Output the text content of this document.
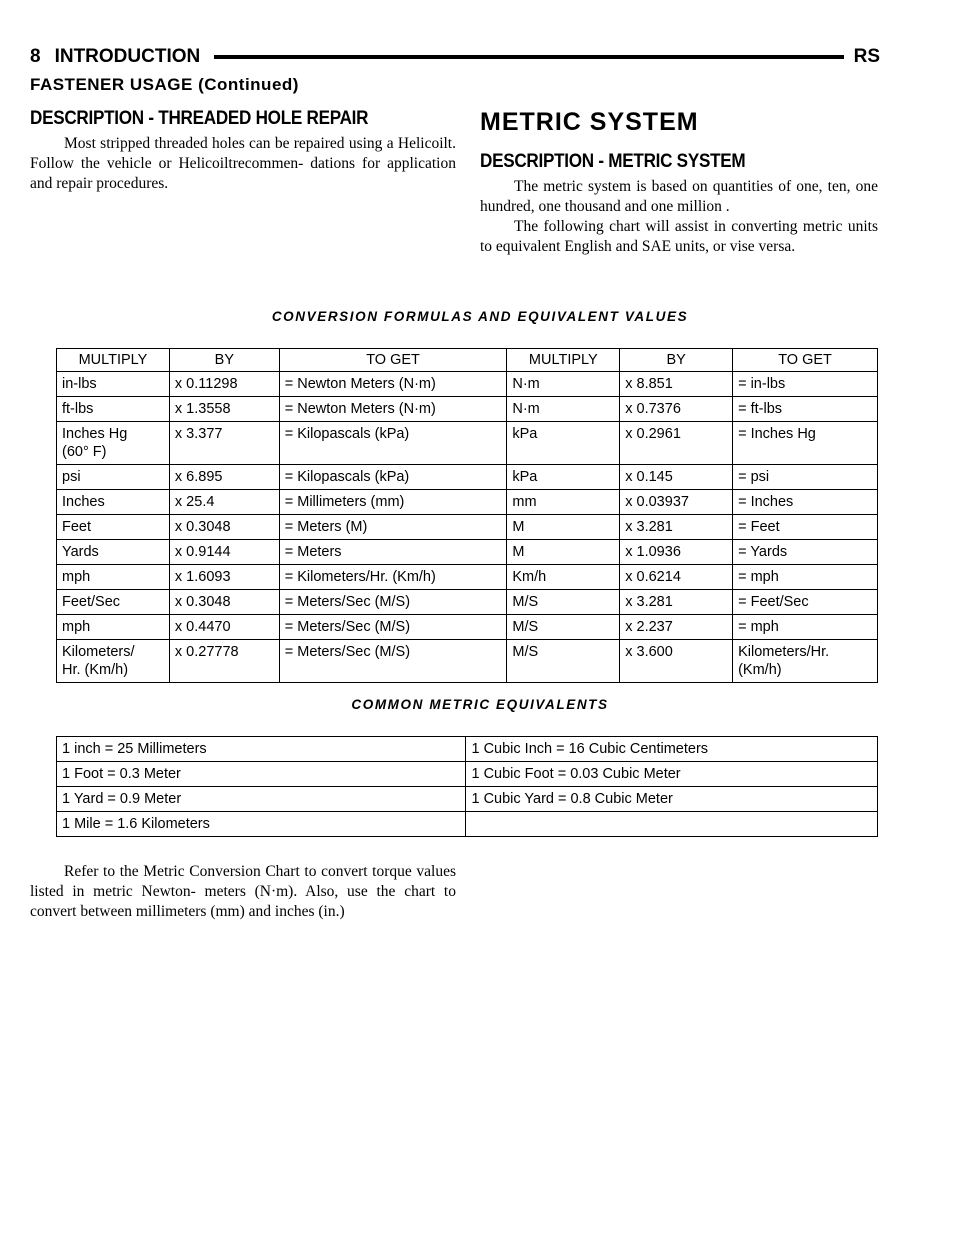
8 INTRODUCTION	RS
FASTENER USAGE (Continued)
DESCRIPTION - THREADED HOLE REPAIR

Most stripped threaded holes can be repaired using a Helicoilt. Follow the vehicle or Helicoiltrecommen- dations for application and repair procedures.

METRIC SYSTEM
DESCRIPTION - METRIC SYSTEM

The metric system is based on quantities of one, ten, one hundred, one thousand and one million .

The following chart will assist in converting metric units to equivalent English and SAE units, or vise versa.

CONVERSION FORMULAS AND EQUIVALENT VALUES
MULTIPLY	BY	TO GET	MULTIPLY	BY	TO GET
in-lbs	x 0.11298	= Newton Meters (N·m)	N·m	x 8.851	= in-lbs
ft-lbs	x 1.3558	= Newton Meters (N·m)	N·m	x 0.7376	= ft-lbs
Inches Hg
(60° F)	x 3.377	= Kilopascals (kPa)	kPa	x 0.2961	= Inches Hg
psi	x 6.895	= Kilopascals (kPa)	kPa	x 0.145	= psi
Inches	x 25.4	= Millimeters (mm)	mm	x 0.03937	= Inches
Feet	x 0.3048	= Meters (M)	M	x 3.281	= Feet
Yards	x 0.9144	= Meters	M	x 1.0936	= Yards
mph	x 1.6093	= Kilometers/Hr. (Km/h)	Km/h	x 0.6214	= mph
Feet/Sec	x 0.3048	= Meters/Sec (M/S)	M/S	x 3.281	= Feet/Sec
mph	x 0.4470	= Meters/Sec (M/S)	M/S	x 2.237	= mph
Kilometers/
Hr. (Km/h)	x 0.27778	= Meters/Sec (M/S)	M/S	x 3.600	Kilometers/Hr.
(Km/h)
COMMON METRIC EQUIVALENTS
1 inch = 25 Millimeters	1 Cubic Inch = 16 Cubic Centimeters
1 Foot = 0.3 Meter	1 Cubic Foot = 0.03 Cubic Meter
1 Yard = 0.9 Meter	1 Cubic Yard = 0.8 Cubic Meter
1 Mile = 1.6 Kilometers	

Refer to the Metric Conversion Chart to convert torque values listed in metric Newton- meters (N·m). Also, use the chart to convert between millimeters (mm) and inches (in.)
